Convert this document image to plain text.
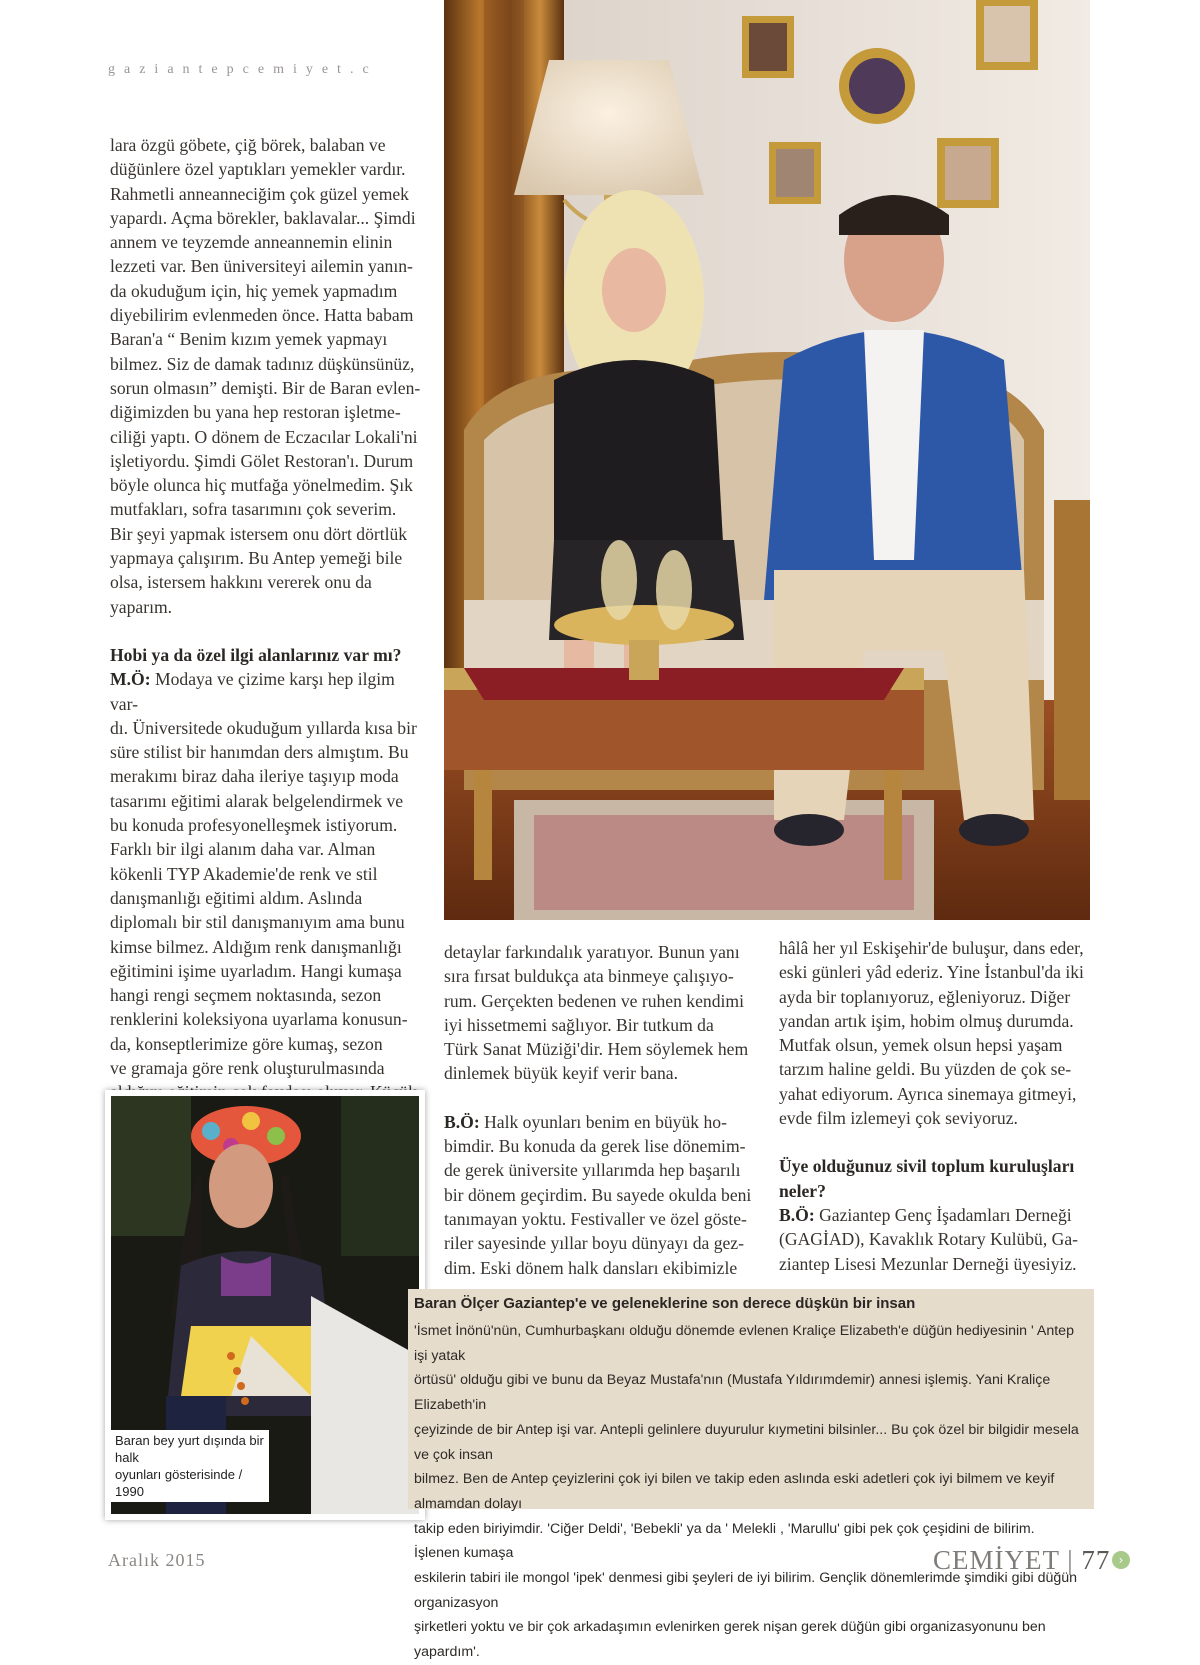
gaziantepcemiyet.c
lara özgü göbete, çiğ börek, balaban ve
düğünlere özel yaptıkları yemekler vardır.
Rahmetli anneanneciğim çok güzel yemek
yapardı. Açma börekler, baklavalar... Şimdi
annem ve teyzemde anneannemin elinin
lezzeti var. Ben üniversiteyi ailemin yanın-
da okuduğum için, hiç yemek yapmadım
diyebilirim evlenmeden önce. Hatta babam
Baran'a “ Benim kızım yemek yapmayı
bilmez. Siz de damak tadınız düşkünsünüz,
sorun olmasın” demişti. Bir de Baran evlen-
diğimizden bu yana hep restoran işletme-
ciliği yaptı. O dönem de Eczacılar Lokali'ni
işletiyordu. Şimdi Gölet Restoran'ı. Durum
böyle olunca hiç mutfağa yönelmedim. Şık
mutfakları, sofra tasarımını çok severim.
Bir şeyi yapmak istersem onu dört dörtlük
yapmaya çalışırım. Bu Antep yemeği bile
olsa, istersem hakkını vererek onu da
yaparım.

Hobi ya da özel ilgi alanlarınız var mı?

M.Ö: Modaya ve çizime karşı hep ilgim var-

dı. Üniversitede okuduğum yıllarda kısa bir
süre stilist bir hanımdan ders almıştım. Bu
merakımı biraz daha ileriye taşıyıp moda
tasarımı eğitimi alarak belgelendirmek ve
bu konuda profesyonelleşmek istiyorum.
Farklı bir ilgi alanım daha var. Alman
kökenli TYP Akademie'de renk ve stil
danışmanlığı eğitimi aldım. Aslında
diplomalı bir stil danışmanıyım ama bunu
kimse bilmez. Aldığım renk danışmanlığı
eğitimini işime uyarladım. Hangi kumaşa
hangi rengi seçmem noktasında, sezon
renklerini koleksiyona uyarlama konusun-
da, konseptlerimize göre kumaş, sezon
ve gramaja göre renk oluşturulmasında
detaylar farkındalık yaratıyor. Bunun yanı
sıra fırsat buldukça ata binmeye çalışıyo-
rum. Gerçekten bedenen ve ruhen kendimi
iyi hissetmemi sağlıyor. Bir tutkum da
Türk Sanat Müziği'dir. Hem söylemek hem
dinlemek büyük keyif verir bana.

B.Ö: Halk oyunları benim en büyük ho-

bimdir. Bu konuda da gerek lise dönemim-
de gerek üniversite yıllarımda hep başarılı
bir dönem geçirdim. Bu sayede okulda beni
tanımayan yoktu. Festivaller ve özel göste-
riler sayesinde yıllar boyu dünyayı da gez-
dim. Eski dönem halk dansları ekibimizle
hâlâ her yıl Eskişehir'de buluşur, dans eder,
eski günleri yâd ederiz. Yine İstanbul'da iki
ayda bir toplanıyoruz, eğleniyoruz. Diğer
yandan artık işim, hobim olmuş durumda.
Mutfak olsun, yemek olsun hepsi yaşam
tarzım haline geldi. Bu yüzden de çok se-
yahat ediyorum. Ayrıca sinemaya gitmeyi,
evde film izlemeyi çok seviyoruz.
Üye olduğunuz sivil toplum kuruluşları
neler?

B.Ö: Gaziantep Genç İşadamları Derneği

(GAGİAD), Kavaklık Rotary Kulübü, Ga-
ziantep Lisesi Mezunlar Derneği üyesiyiz.
Baran bey yurt dışında bir halk
oyunları gösterisinde / 1990
Baran Ölçer Gaziantep'e ve geleneklerine son derece düşkün bir insan
'İsmet İnönü'nün, Cumhurbaşkanı olduğu dönemde evlenen Kraliçe Elizabeth'e düğün hediyesinin ' Antep işi yatak
örtüsü' olduğu gibi ve bunu da Beyaz Mustafa'nın (Mustafa Yıldırımdemir) annesi işlemiş. Yani Kraliçe Elizabeth'in
çeyizinde de bir Antep işi var. Antepli gelinlere duyurulur kıymetini bilsinler... Bu çok özel bir bilgidir mesela ve çok insan
bilmez. Ben de Antep çeyizlerini çok iyi bilen ve takip eden aslında eski adetleri çok iyi bilmem ve keyif almamdan dolayı
takip eden biriyimdir. 'Ciğer Deldi', 'Bebekli' ya da ' Melekli , 'Marullu' gibi pek çok çeşidini de bilirim. İşlenen kumaşa
eskilerin tabiri ile mongol 'ipek' denmesi gibi şeyleri de iyi bilirim. Gençlik dönemlerimde şimdiki gibi düğün organizasyon
şirketleri yoktu ve bir çok arkadaşımın evlenirken gerek nişan gerek düğün gibi organizasyonunu ben yapardım'.
Aralık 2015	CEMİYET | 77 ›
